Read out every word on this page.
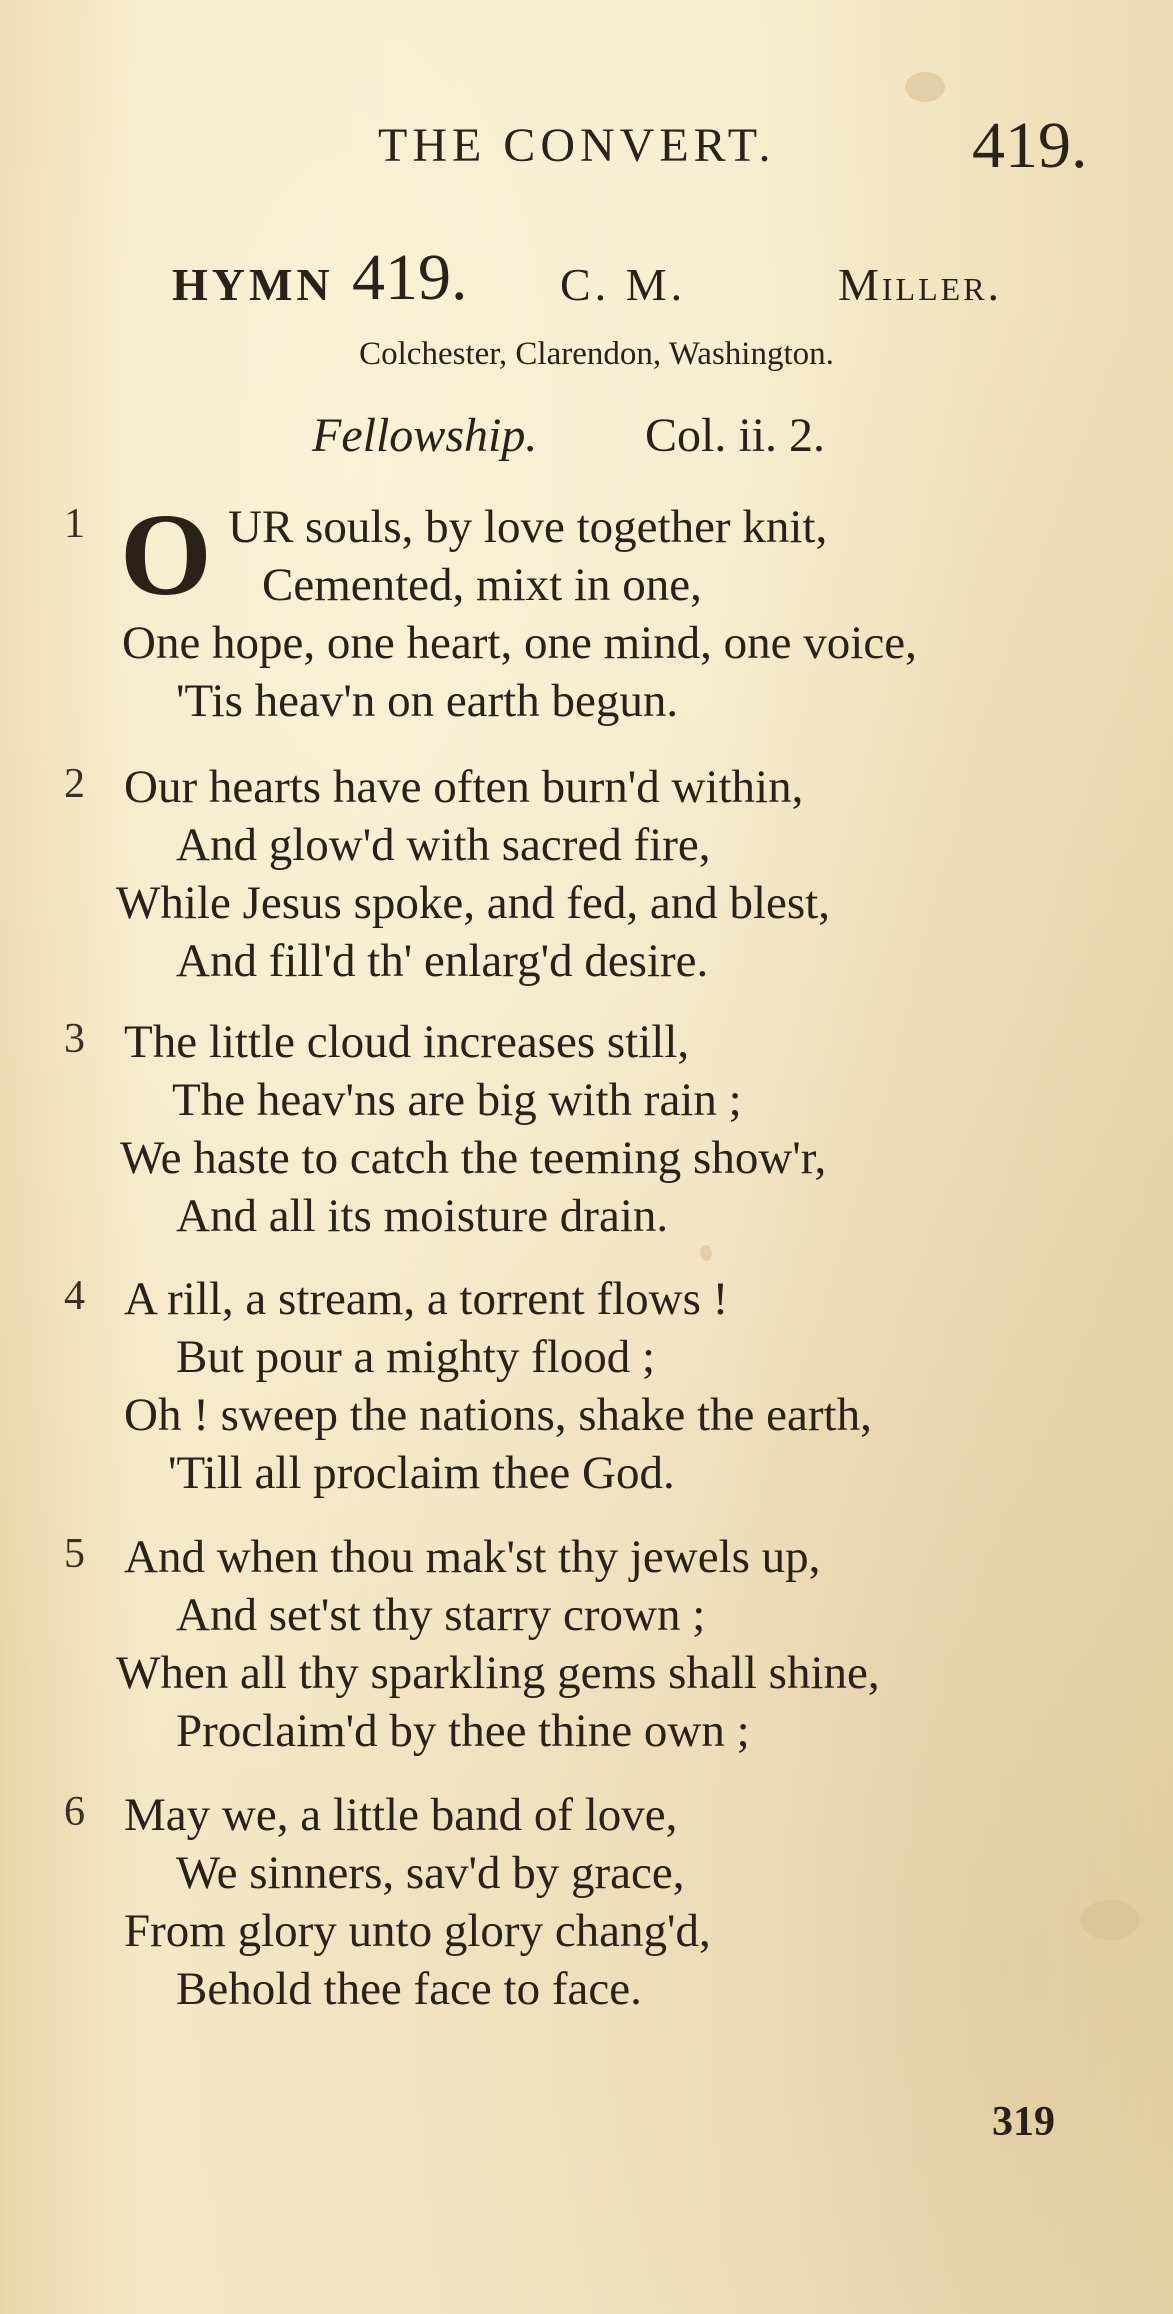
THE CONVERT.	419.
HYMN 419. C. M.	Miller.
Colchester, Clarendon, Washington.
Fellowship. Col. ii. 2.
1 O UR souls, by love together knit,
Cemented, mixt in one,
One hope, one heart, one mind, one voice,
'Tis heav'n on earth begun.
2 Our hearts have often burn'd within,
And glow'd with sacred fire,
While Jesus spoke, and fed, and blest,
And fill'd th' enlarg'd desire.
3 The little cloud increases still,
The heav'ns are big with rain ;
We haste to catch the teeming show'r,
And all its moisture drain.
4 A rill, a stream, a torrent flows !
But pour a mighty flood ;
Oh ! sweep the nations, shake the earth,
'Till all proclaim thee God.
5 And when thou mak'st thy jewels up,
And set'st thy starry crown ;
When all thy sparkling gems shall shine,
Proclaim'd by thee thine own ;
6 May we, a little band of love,
We sinners, sav'd by grace,
From glory unto glory chang'd,
Behold thee face to face.
319
